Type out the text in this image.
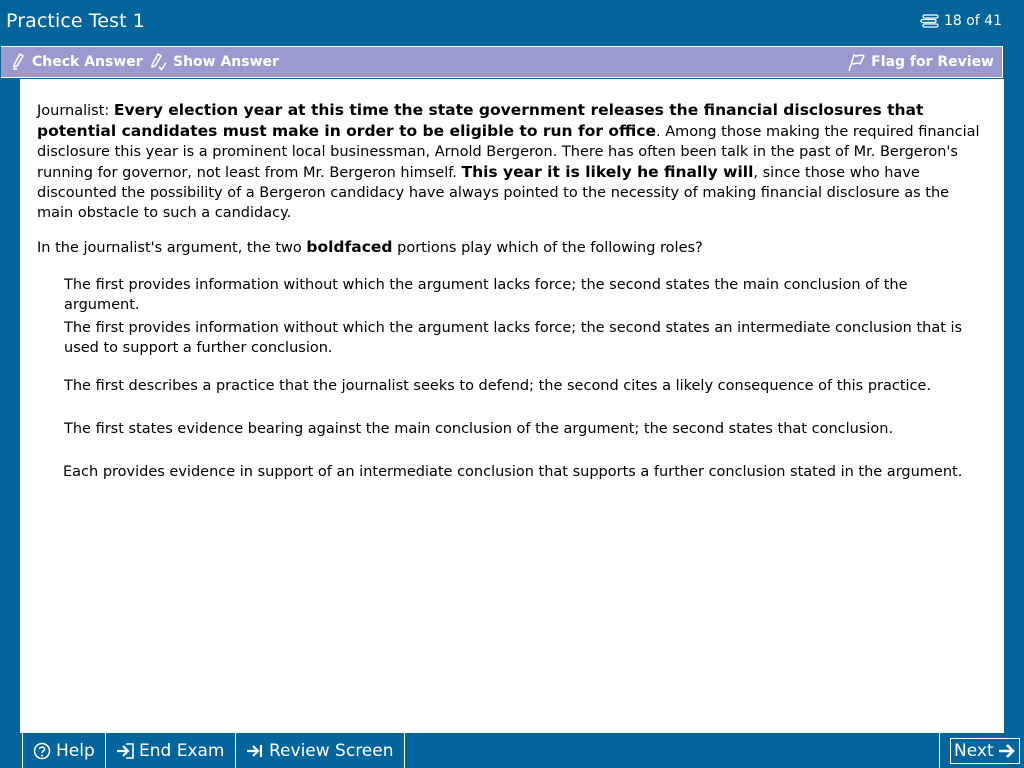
Practice Test 1	18 of 41
Check Answer Show Answer	Flag for Review
Journalist: Every election year at this time the state government releases the financial disclosures that potential candidates must make in order to be eligible to run for office. Among those making the required financial disclosure this year is a prominent local businessman, Arnold Bergeron. There has often been talk in the past of Mr. Bergeron's running for governor, not least from Mr. Bergeron himself. This year it is likely he finally will, since those who have discounted the possibility of a Bergeron candidacy have always pointed to the necessity of making financial disclosure as the main obstacle to such a candidacy.
In the journalist's argument, the two boldfaced portions play which of the following roles?
The first provides information without which the argument lacks force; the second states the main conclusion of the argument.
The first provides information without which the argument lacks force; the second states an intermediate conclusion that is used to support a further conclusion.
The first describes a practice that the journalist seeks to defend; the second cites a likely consequence of this practice.
The first states evidence bearing against the main conclusion of the argument; the second states that conclusion.
Each provides evidence in support of an intermediate conclusion that supports a further conclusion stated in the argument.
Help	End Exam	Review Screen	Next
